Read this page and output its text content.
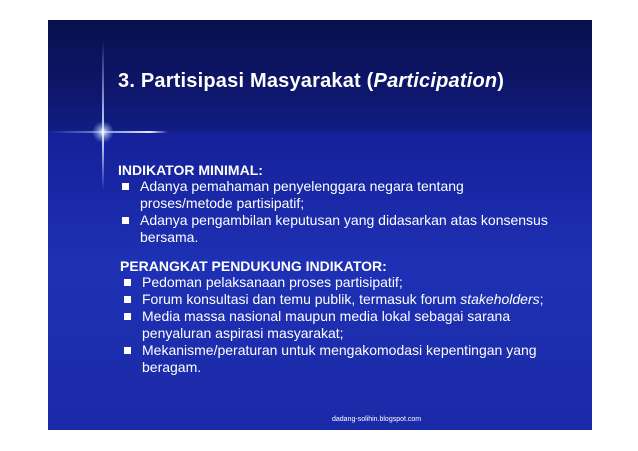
3. Partisipasi Masyarakat (Participation)

INDIKATOR MINIMAL:

Adanya pemahaman penyelenggara negara tentang proses/metode partisipatif;
Adanya pengambilan keputusan yang didasarkan atas konsensus bersama.

PERANGKAT PENDUKUNG INDIKATOR:

Pedoman pelaksanaan proses partisipatif;
Forum konsultasi dan temu publik, termasuk forum stakeholders;
Media massa nasional maupun media lokal sebagai sarana penyaluran aspirasi masyarakat;
Mekanisme/peraturan untuk mengakomodasi kepentingan yang beragam.
dadang-solihin.blogspot.com	16
